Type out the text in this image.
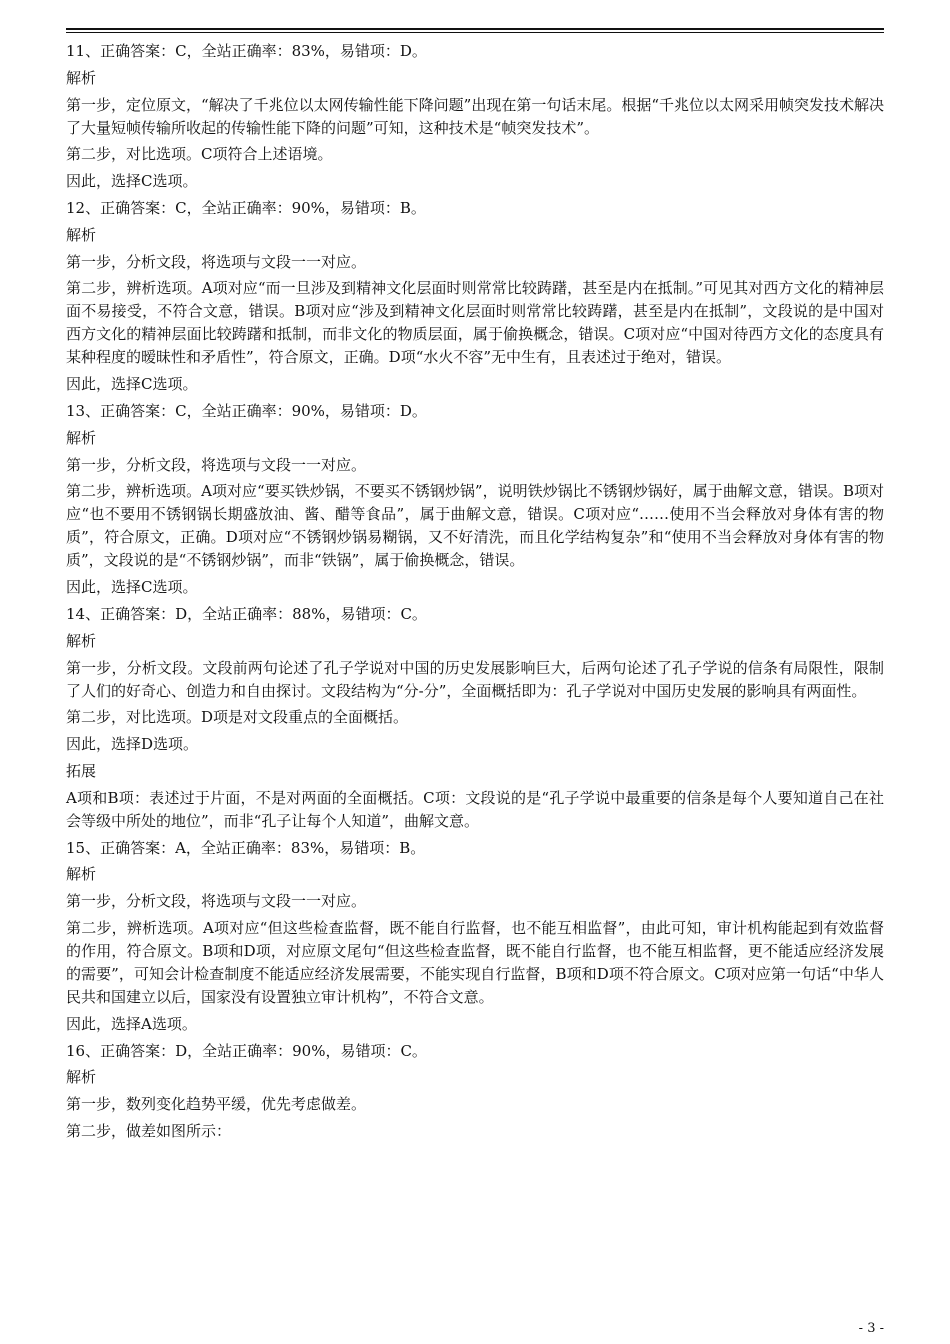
11、正确答案：C，全站正确率：83%，易错项：D。

解析

第一步，定位原文，“解决了千兆位以太网传输性能下降问题”出现在第一句话末尾。根据“千兆位以太网采用帧突发技术解决了大量短帧传输所收起的传输性能下降的问题”可知，这种技术是“帧突发技术”。

第二步，对比选项。C项符合上述语境。

因此，选择C选项。

12、正确答案：C，全站正确率：90%，易错项：B。

解析

第一步，分析文段，将选项与文段一一对应。

第二步，辨析选项。A项对应“而一旦涉及到精神文化层面时则常常比较踌躇，甚至是内在抵制。”可见其对西方文化的精神层面不易接受，不符合文意，错误。B项对应“涉及到精神文化层面时则常常比较踌躇，甚至是内在抵制”，文段说的是中国对西方文化的精神层面比较踌躇和抵制，而非文化的物质层面，属于偷换概念，错误。C项对应“中国对待西方文化的态度具有某种程度的暧昧性和矛盾性”，符合原文，正确。D项“水火不容”无中生有，且表述过于绝对，错误。

因此，选择C选项。

13、正确答案：C，全站正确率：90%，易错项：D。

解析

第一步，分析文段，将选项与文段一一对应。

第二步，辨析选项。A项对应“要买铁炒锅，不要买不锈钢炒锅”，说明铁炒锅比不锈钢炒锅好，属于曲解文意，错误。B项对应“也不要用不锈钢锅长期盛放油、酱、醋等食品”，属于曲解文意，错误。C项对应“……使用不当会释放对身体有害的物质”，符合原文，正确。D项对应“不锈钢炒锅易糊锅，又不好清洗，而且化学结构复杂”和“使用不当会释放对身体有害的物质”，文段说的是“不锈钢炒锅”，而非“铁锅”，属于偷换概念，错误。

因此，选择C选项。

14、正确答案：D，全站正确率：88%，易错项：C。

解析

第一步，分析文段。文段前两句论述了孔子学说对中国的历史发展影响巨大，后两句论述了孔子学说的信条有局限性，限制了人们的好奇心、创造力和自由探讨。文段结构为“分-分”，全面概括即为：孔子学说对中国历史发展的影响具有两面性。

第二步，对比选项。D项是对文段重点的全面概括。

因此，选择D选项。

拓展

A项和B项：表述过于片面，不是对两面的全面概括。C项：文段说的是“孔子学说中最重要的信条是每个人要知道自己在社会等级中所处的地位”，而非“孔子让每个人知道”，曲解文意。

15、正确答案：A，全站正确率：83%，易错项：B。

解析

第一步，分析文段，将选项与文段一一对应。

第二步，辨析选项。A项对应“但这些检查监督，既不能自行监督，也不能互相监督”，由此可知，审计机构能起到有效监督的作用，符合原文。B项和D项，对应原文尾句“但这些检查监督，既不能自行监督，也不能互相监督，更不能适应经济发展的需要”，可知会计检查制度不能适应经济发展需要，不能实现自行监督，B项和D项不符合原文。C项对应第一句话“中华人民共和国建立以后，国家没有设置独立审计机构”，不符合文意。

因此，选择A选项。

16、正确答案：D，全站正确率：90%，易错项：C。

解析

第一步，数列变化趋势平缓，优先考虑做差。

第二步，做差如图所示：

- 3 -
